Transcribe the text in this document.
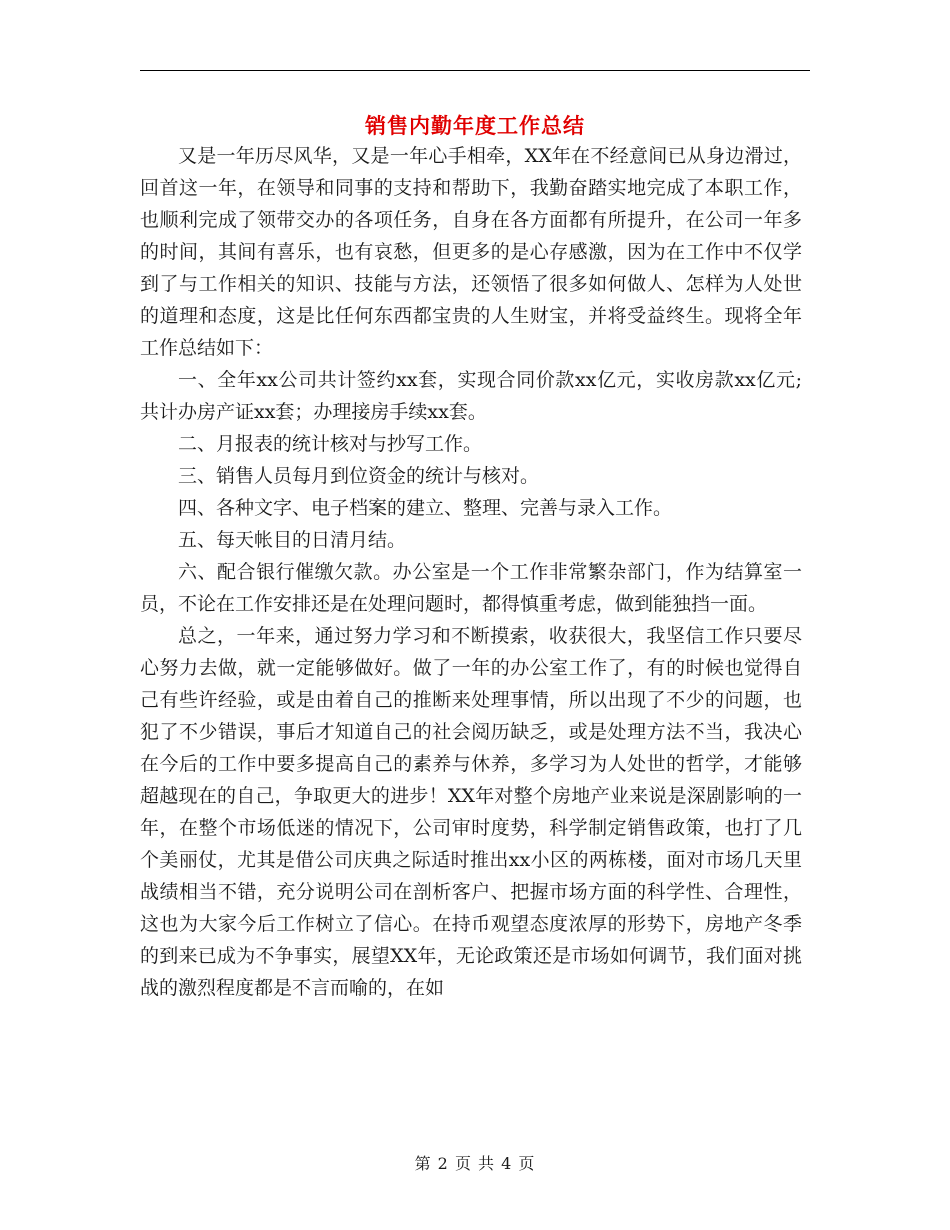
销售内勤年度工作总结

又是一年历尽风华，又是一年心手相牵，XX年在不经意间已从身边滑过，回首这一年，在领导和同事的支持和帮助下，我勤奋踏实地完成了本职工作，也顺利完成了领带交办的各项任务，自身在各方面都有所提升，在公司一年多的时间，其间有喜乐，也有哀愁，但更多的是心存感激，因为在工作中不仅学到了与工作相关的知识、技能与方法，还领悟了很多如何做人、怎样为人处世的道理和态度，这是比任何东西都宝贵的人生财宝，并将受益终生。现将全年工作总结如下：

一、全年xx公司共计签约xx套，实现合同价款xx亿元，实收房款xx亿元;共计办房产证xx套；办理接房手续xx套。

二、月报表的统计核对与抄写工作。

三、销售人员每月到位资金的统计与核对。

四、各种文字、电子档案的建立、整理、完善与录入工作。

五、每天帐目的日清月结。

六、配合银行催缴欠款。办公室是一个工作非常繁杂部门，作为结算室一员，不论在工作安排还是在处理问题时，都得慎重考虑，做到能独挡一面。

总之，一年来，通过努力学习和不断摸索，收获很大，我坚信工作只要尽心努力去做，就一定能够做好。做了一年的办公室工作了，有的时候也觉得自己有些许经验，或是由着自己的推断来处理事情，所以出现了不少的问题，也犯了不少错误，事后才知道自己的社会阅历缺乏，或是处理方法不当，我决心在今后的工作中要多提高自己的素养与休养，多学习为人处世的哲学，才能够超越现在的自己，争取更大的进步！XX年对整个房地产业来说是深剧影响的一年，在整个市场低迷的情况下，公司审时度势，科学制定销售政策，也打了几个美丽仗，尤其是借公司庆典之际适时推出xx小区的两栋楼，面对市场几天里战绩相当不错，充分说明公司在剖析客户、把握市场方面的科学性、合理性，这也为大家今后工作树立了信心。在持币观望态度浓厚的形势下，房地产冬季的到来已成为不争事实，展望XX年，无论政策还是市场如何调节，我们面对挑战的激烈程度都是不言而喻的，在如

第 2 页 共 4 页
